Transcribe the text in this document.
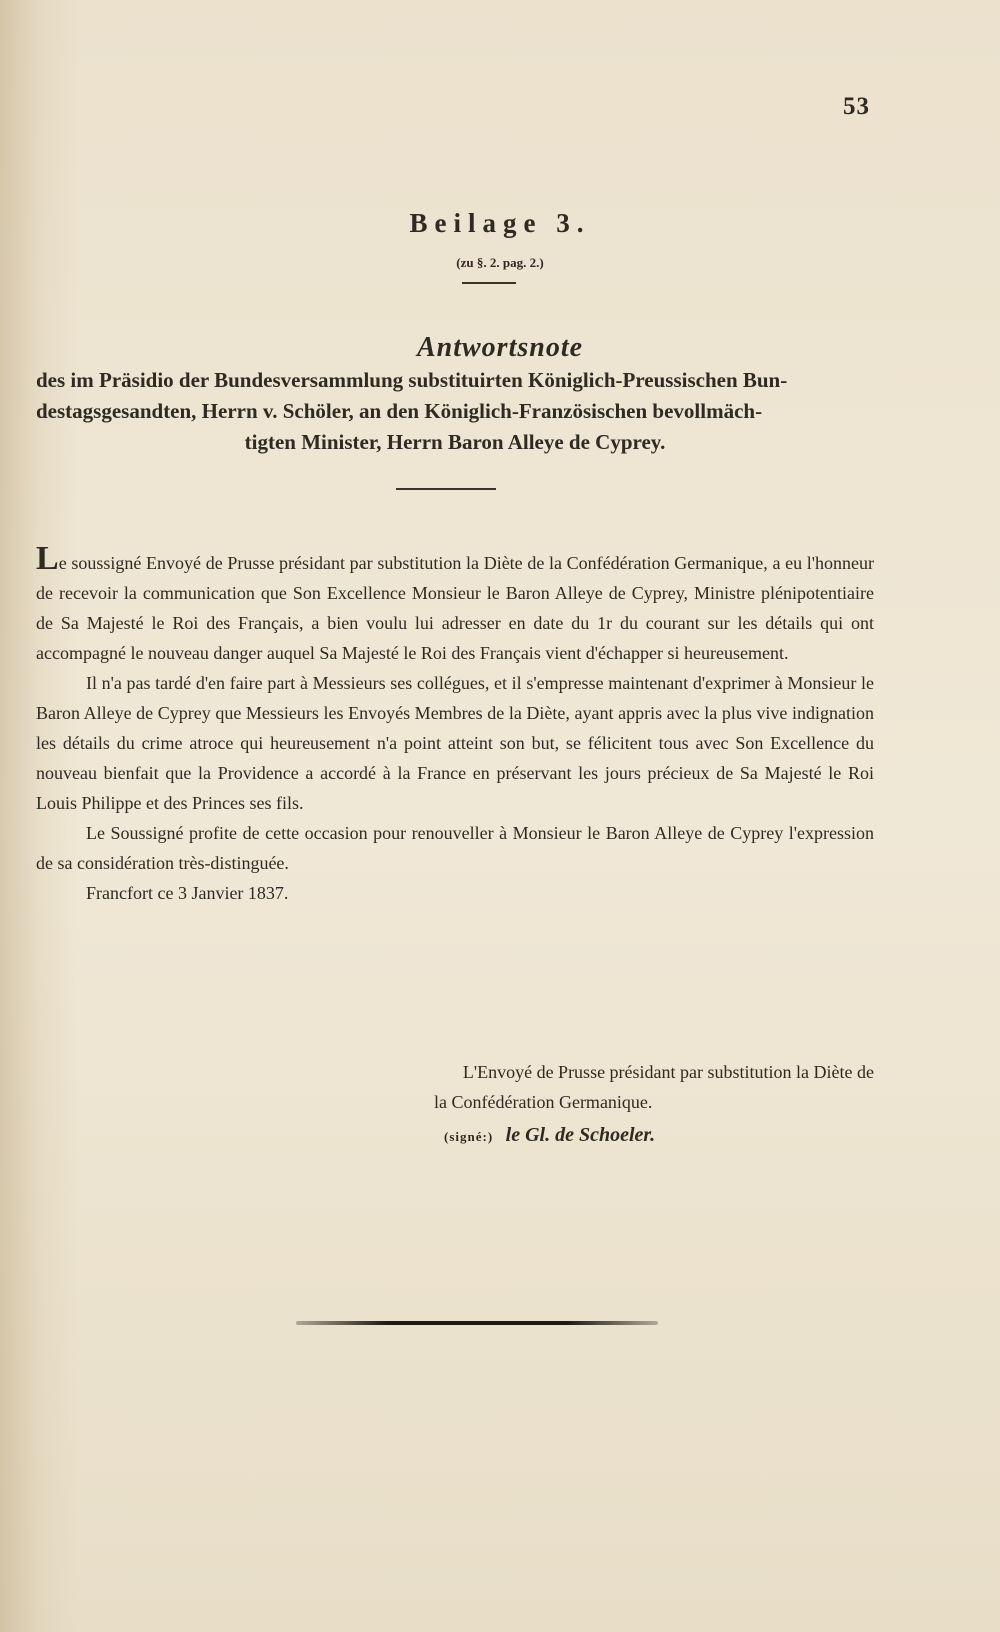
53
Beilage 3.
(zu §. 2. pag. 2.)
Antwortsnote
des im Präsidio der Bundesversammlung substituirten Königlich-Preussischen Bun-
destagsgesandten, Herrn v. Schöler, an den Königlich-Französischen bevollmäch-

tigten Minister, Herrn Baron Alleye de Cyprey.

Le soussigné Envoyé de Prusse présidant par substitution la Diète de la Confédération Germanique, a eu l'honneur de recevoir la communication que Son Excellence Monsieur le Baron Alleye de Cyprey, Ministre plénipotentiaire de Sa Majesté le Roi des Français, a bien voulu lui adresser en date du 1r du courant sur les détails qui ont accompagné le nouveau danger auquel Sa Majesté le Roi des Français vient d'échapper si heureusement.

Il n'a pas tardé d'en faire part à Messieurs ses collégues, et il s'empresse maintenant d'exprimer à Monsieur le Baron Alleye de Cyprey que Messieurs les Envoyés Membres de la Diète, ayant appris avec la plus vive indignation les détails du crime atroce qui heureusement n'a point atteint son but, se félicitent tous avec Son Excellence du nouveau bienfait que la Providence a accordé à la France en préservant les jours précieux de Sa Majesté le Roi Louis Philippe et des Princes ses fils.

Le Soussigné profite de cette occasion pour renouveller à Monsieur le Baron Alleye de Cyprey l'expression de sa considération très-distinguée.

Francfort ce 3 Janvier 1837.

L'Envoyé de Prusse présidant par substitution la Diète de
la Confédération Germanique.
(signé:) le Gl. de Schoeler.
